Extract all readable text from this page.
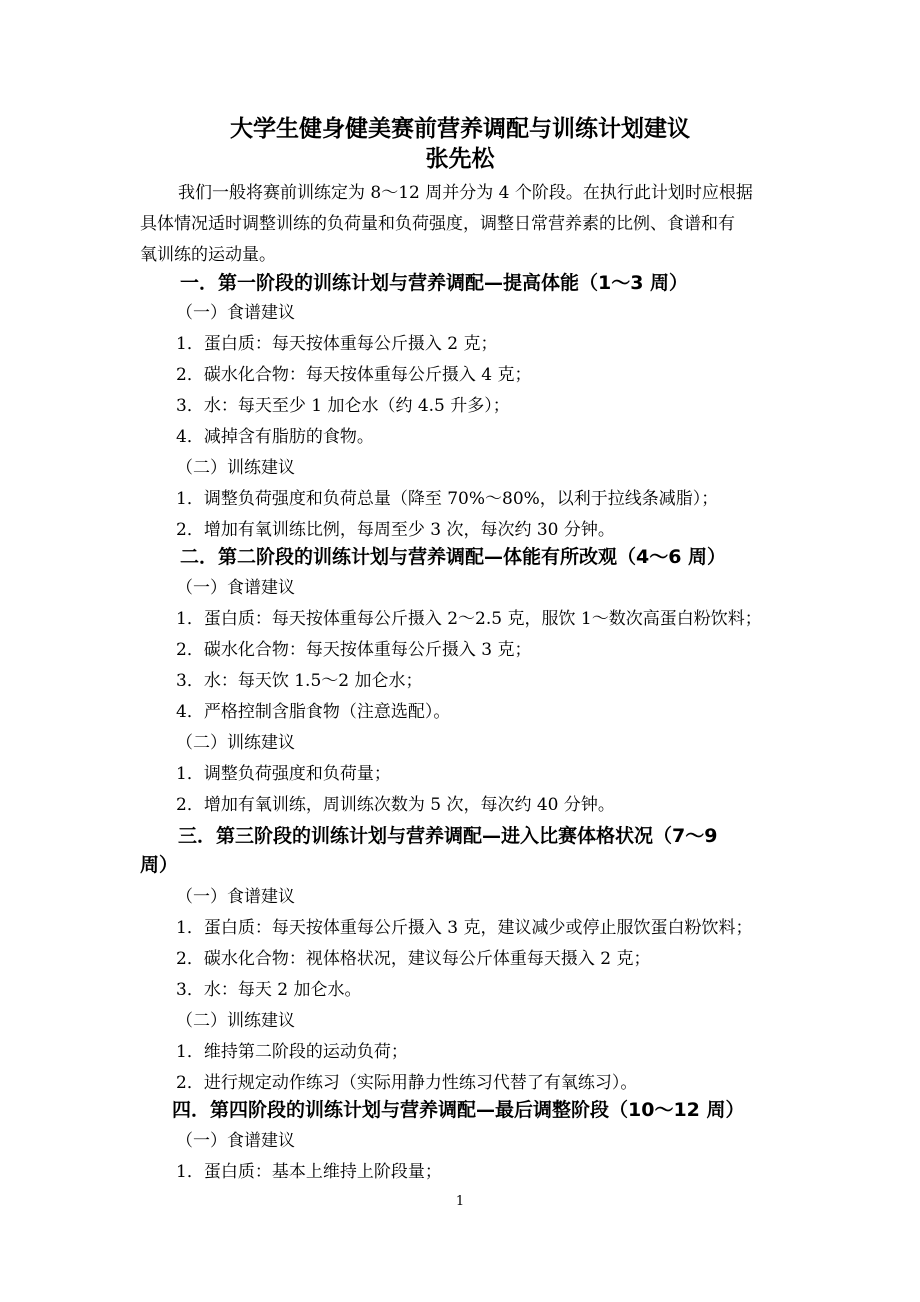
大学生健身健美赛前营养调配与训练计划建议
张先松
我们一般将赛前训练定为 8～12 周并分为 4 个阶段。在执行此计划时应根据
具体情况适时调整训练的负荷量和负荷强度，调整日常营养素的比例、食谱和有
氧训练的运动量。
一．第一阶段的训练计划与营养调配—提高体能（1～3 周）
（一）食谱建议
1．蛋白质：每天按体重每公斤摄入 2 克；
2．碳水化合物：每天按体重每公斤摄入 4 克；
3．水：每天至少 1 加仑水（约 4.5 升多）；
4．减掉含有脂肪的食物。
（二）训练建议
1．调整负荷强度和负荷总量（降至 70%～80%，以利于拉线条减脂）；
2．增加有氧训练比例，每周至少 3 次，每次约 30 分钟。
二．第二阶段的训练计划与营养调配—体能有所改观（4～6 周）
（一）食谱建议
1．蛋白质：每天按体重每公斤摄入 2～2.5 克，服饮 1～数次高蛋白粉饮料；
2．碳水化合物：每天按体重每公斤摄入 3 克；
3．水：每天饮 1.5～2 加仑水；
4．严格控制含脂食物（注意选配）。
（二）训练建议
1．调整负荷强度和负荷量；
2．增加有氧训练，周训练次数为 5 次，每次约 40 分钟。
三．第三阶段的训练计划与营养调配—进入比赛体格状况（7～9
周）
（一）食谱建议
1．蛋白质：每天按体重每公斤摄入 3 克，建议减少或停止服饮蛋白粉饮料；
2．碳水化合物：视体格状况，建议每公斤体重每天摄入 2 克；
3．水：每天 2 加仑水。
（二）训练建议
1．维持第二阶段的运动负荷；
2．进行规定动作练习（实际用静力性练习代替了有氧练习）。
四．第四阶段的训练计划与营养调配—最后调整阶段（10～12 周）
（一）食谱建议
1．蛋白质：基本上维持上阶段量；
1
